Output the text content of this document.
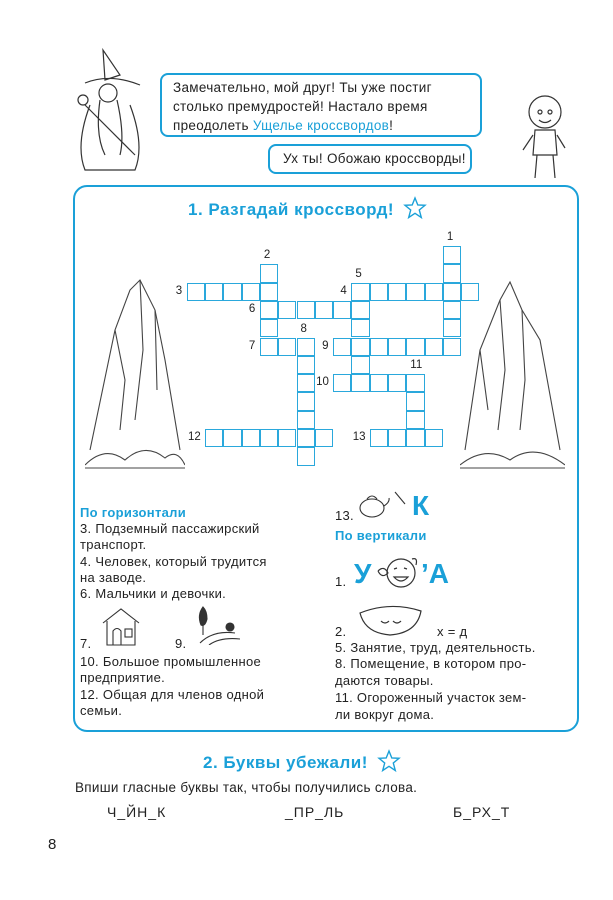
Замечательно, мой друг! Ты уже постиг
столько премудростей! Настало время
преодолеть Ущелье кроссвордов!
Ух ты! Обожаю кроссворды!
1. Разгадай кроссворд!
1
2
3	4
5
6
7
8
9
10
11
12	13
По горизонтали
3. Подземный пассажирский
транспорт.
4. Человек, который трудится
на заводе.
6. Мальчики и девочки.
7.	9.
10. Большое промышленное
предприятие.
12. Общая для членов одной
семьи.
13. К
По вертикали
1. У ’А
2.	х = д
5. Занятие, труд, деятельность.
8. Помещение, в котором про-
даются товары.
11. Огороженный участок зем-
ли вокруг дома.
2. Буквы убежали!
Впиши гласные буквы так, чтобы получились слова.
Ч_ЙН_К	_ПР_ЛЬ	Б_РХ_Т
8
